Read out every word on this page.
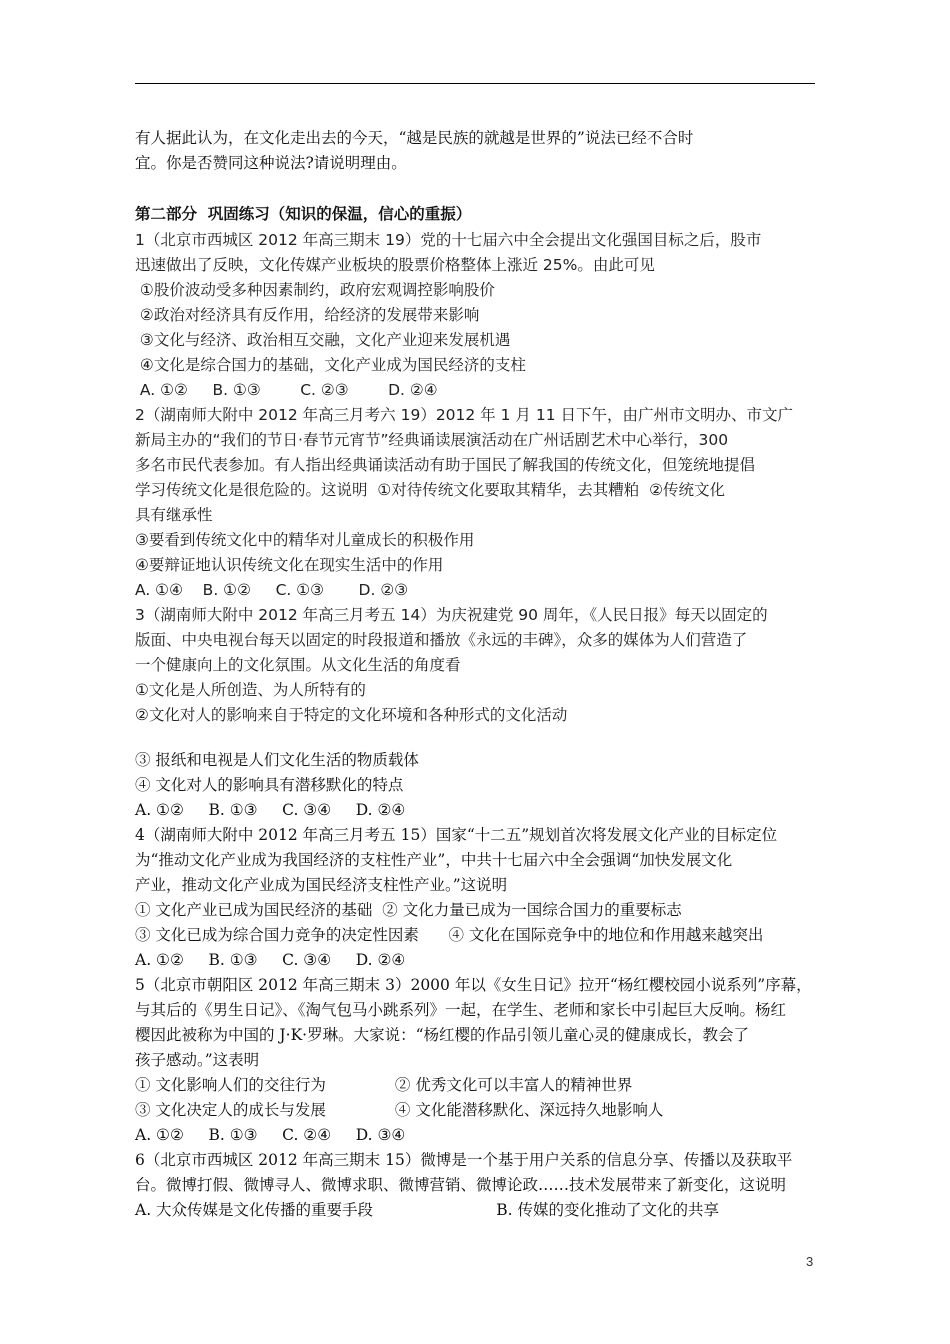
有人据此认为，在文化走出去的今天，“越是民族的就越是世界的”说法已经不合时
宜。你是否赞同这种说法?请说明理由。
第二部分  巩固练习（知识的保温，信心的重振）
1（北京市西城区 2012 年高三期末 19）党的十七届六中全会提出文化强国目标之后，股市
迅速做出了反映，文化传媒产业板块的股票价格整体上涨近 25%。由此可见
①股价波动受多种因素制约，政府宏观调控影响股价
②政治对经济具有反作用，给经济的发展带来影响
③文化与经济、政治相互交融，文化产业迎来发展机遇
④文化是综合国力的基础，文化产业成为国民经济的支柱
A. ①②     B. ①③        C. ②③        D. ②④
2（湖南师大附中 2012 年高三月考六 19）2012 年 1 月 11 日下午，由广州市文明办、市文广
新局主办的“我们的节日·春节元宵节”经典诵读展演活动在广州话剧艺术中心举行，300
多名市民代表参加。有人指出经典诵读活动有助于国民了解我国的传统文化，但笼统地提倡
学习传统文化是很危险的。这说明  ①对待传统文化要取其精华，去其糟粕  ②传统文化
具有继承性
③要看到传统文化中的精华对儿童成长的积极作用
④要辩证地认识传统文化在现实生活中的作用
A. ①④    B. ①②     C. ①③       D. ②③
3（湖南师大附中 2012 年高三月考五 14）为庆祝建党 90 周年，《人民日报》每天以固定的
版面、中央电视台每天以固定的时段报道和播放《永远的丰碑》，众多的媒体为人们营造了
一个健康向上的文化氛围。从文化生活的角度看
①文化是人所创造、为人所特有的
②文化对人的影响来自于特定的文化环境和各种形式的文化活动
③ 报纸和电视是人们文化生活的物质载体
④ 文化对人的影响具有潜移默化的特点
A. ①②     B. ①③     C. ③④     D. ②④
4（湖南师大附中 2012 年高三月考五 15）国家“十二五”规划首次将发展文化产业的目标定位
为“推动文化产业成为我国经济的支柱性产业”，中共十七届六中全会强调“加快发展文化
产业，推动文化产业成为国民经济支柱性产业。”这说明
① 文化产业已成为国民经济的基础  ② 文化力量已成为一国综合国力的重要标志
③ 文化已成为综合国力竞争的决定性因素      ④ 文化在国际竞争中的地位和作用越来越突出
A. ①②     B. ①③     C. ③④     D. ②④
5（北京市朝阳区 2012 年高三期末 3）2000 年以《女生日记》拉开“杨红樱校园小说系列”序幕，
与其后的《男生日记》、《淘气包马小跳系列》一起，在学生、老师和家长中引起巨大反响。杨红
樱因此被称为中国的 J·K·罗琳。大家说：“杨红樱的作品引领儿童心灵的健康成长，教会了
孩子感动。”这表明
① 文化影响人们的交往行为              ② 优秀文化可以丰富人的精神世界
③ 文化决定人的成长与发展              ④ 文化能潜移默化、深远持久地影响人
A. ①②     B. ①③     C. ②④     D. ③④
6（北京市西城区 2012 年高三期末 15）微博是一个基于用户关系的信息分享、传播以及获取平
台。微博打假、微博寻人、微博求职、微博营销、微博论政……技术发展带来了新变化，这说明
A. 大众传媒是文化传播的重要手段                         B. 传媒的变化推动了文化的共享
3
